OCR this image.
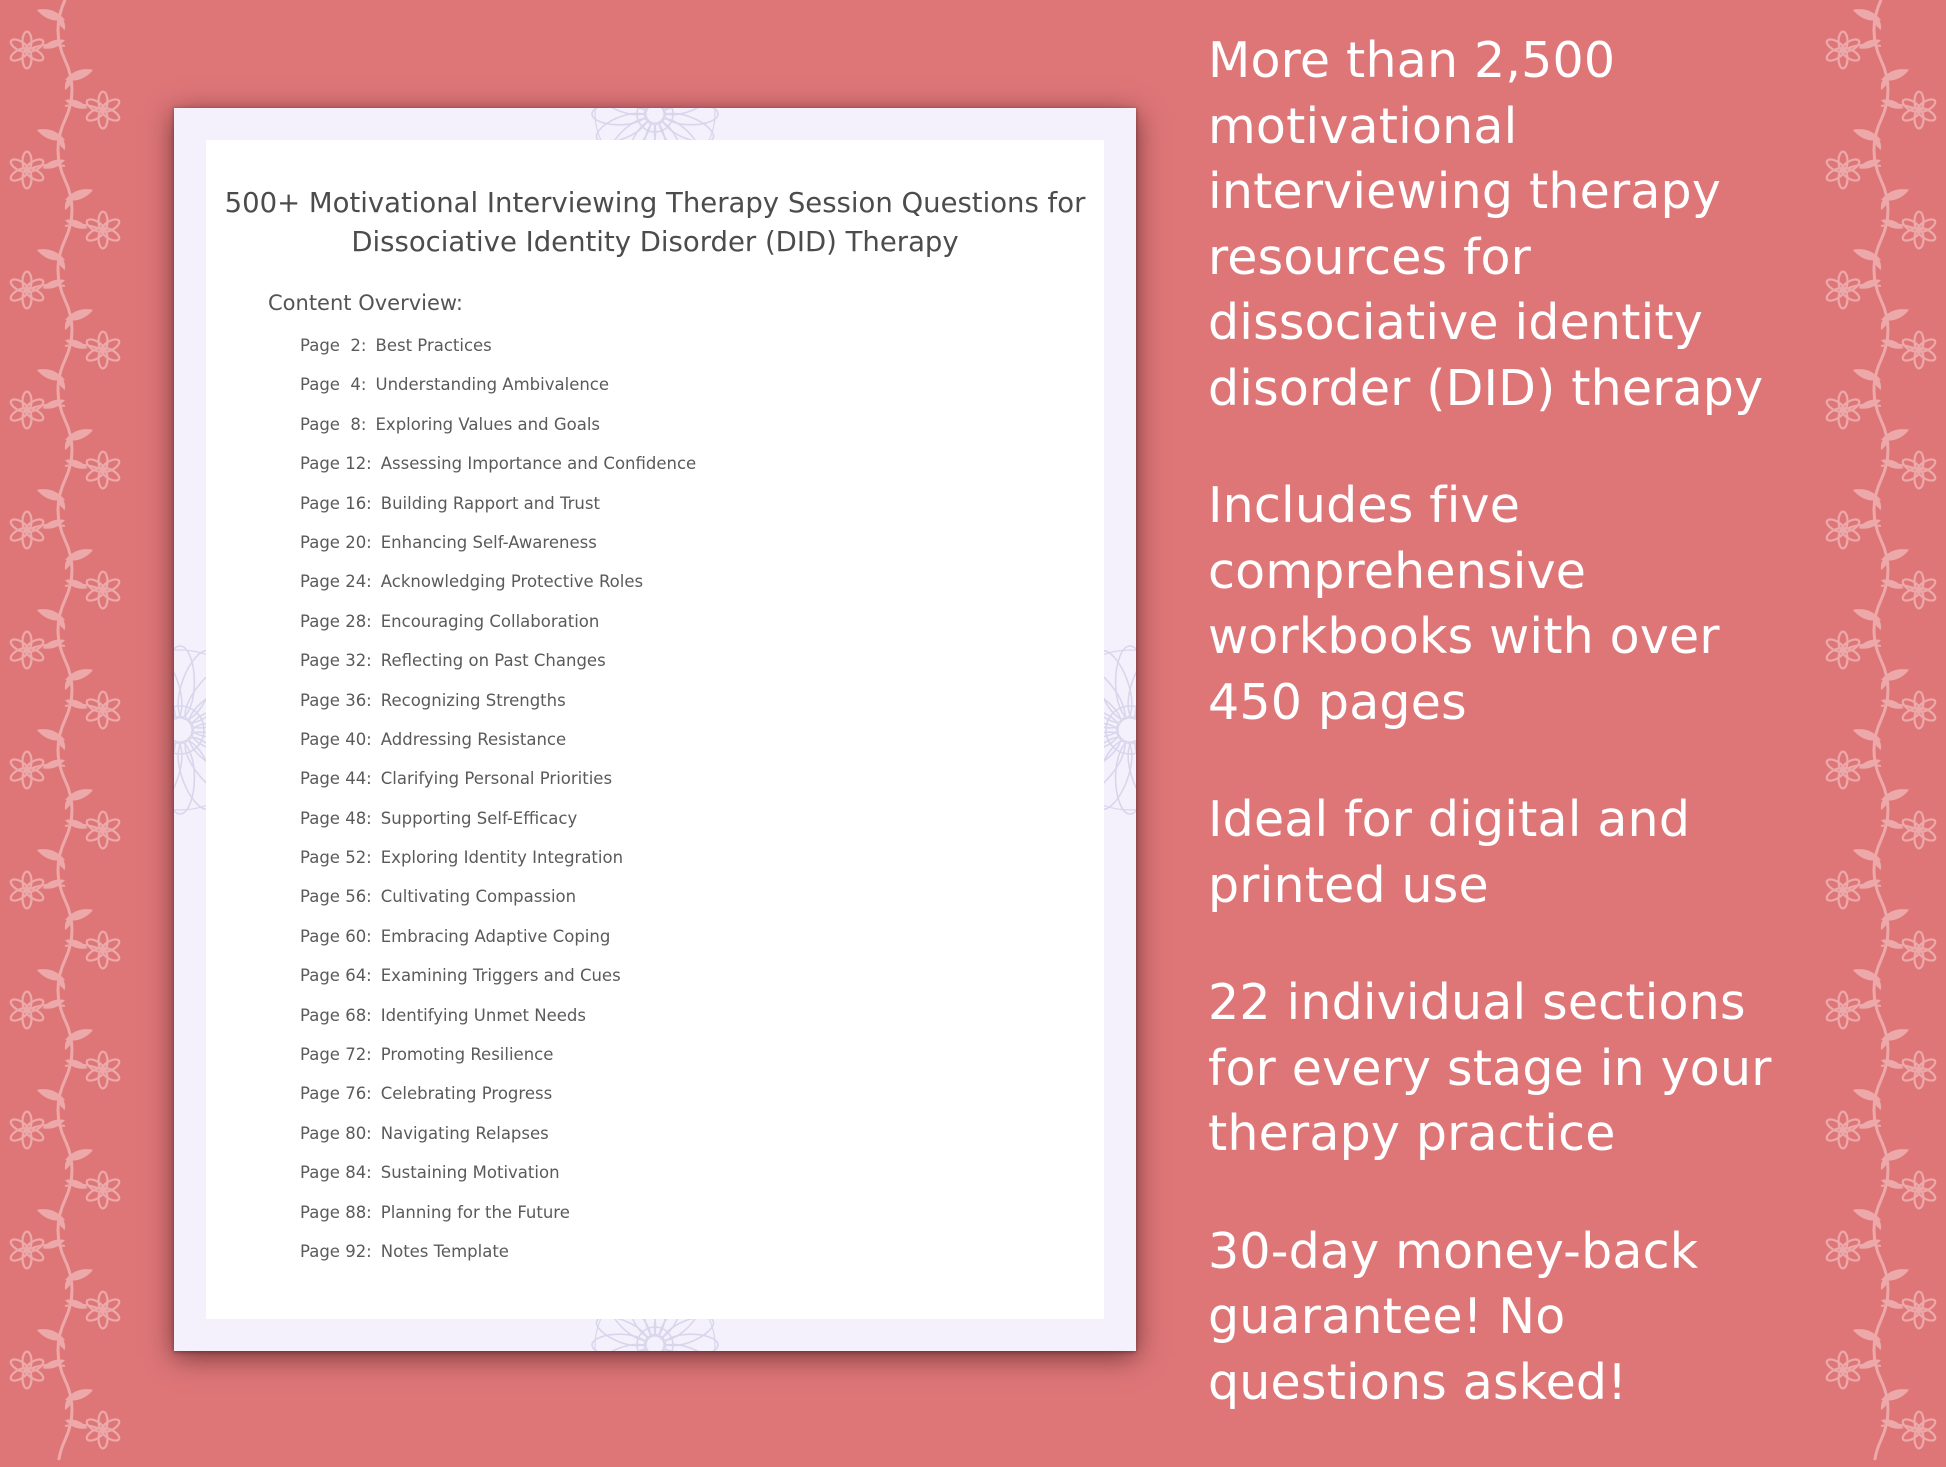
500+ Motivational Interviewing Therapy Session Questions for Dissociative Identity Disorder (DID) Therapy
Content Overview:
Page  2: Best Practices
Page  4: Understanding Ambivalence
Page  8: Exploring Values and Goals
Page 12: Assessing Importance and Confidence
Page 16: Building Rapport and Trust
Page 20: Enhancing Self-Awareness
Page 24: Acknowledging Protective Roles
Page 28: Encouraging Collaboration
Page 32: Reflecting on Past Changes
Page 36: Recognizing Strengths
Page 40: Addressing Resistance
Page 44: Clarifying Personal Priorities
Page 48: Supporting Self-Efficacy
Page 52: Exploring Identity Integration
Page 56: Cultivating Compassion
Page 60: Embracing Adaptive Coping
Page 64: Examining Triggers and Cues
Page 68: Identifying Unmet Needs
Page 72: Promoting Resilience
Page 76: Celebrating Progress
Page 80: Navigating Relapses
Page 84: Sustaining Motivation
Page 88: Planning for the Future
Page 92: Notes Template

More than 2,500 motivational interviewing therapy resources for dissociative identity disorder (DID) therapy

Includes five comprehensive workbooks with over 450 pages

Ideal for digital and printed use

22 individual sections for every stage in your therapy practice

30-day money-back guarantee! No questions asked!
